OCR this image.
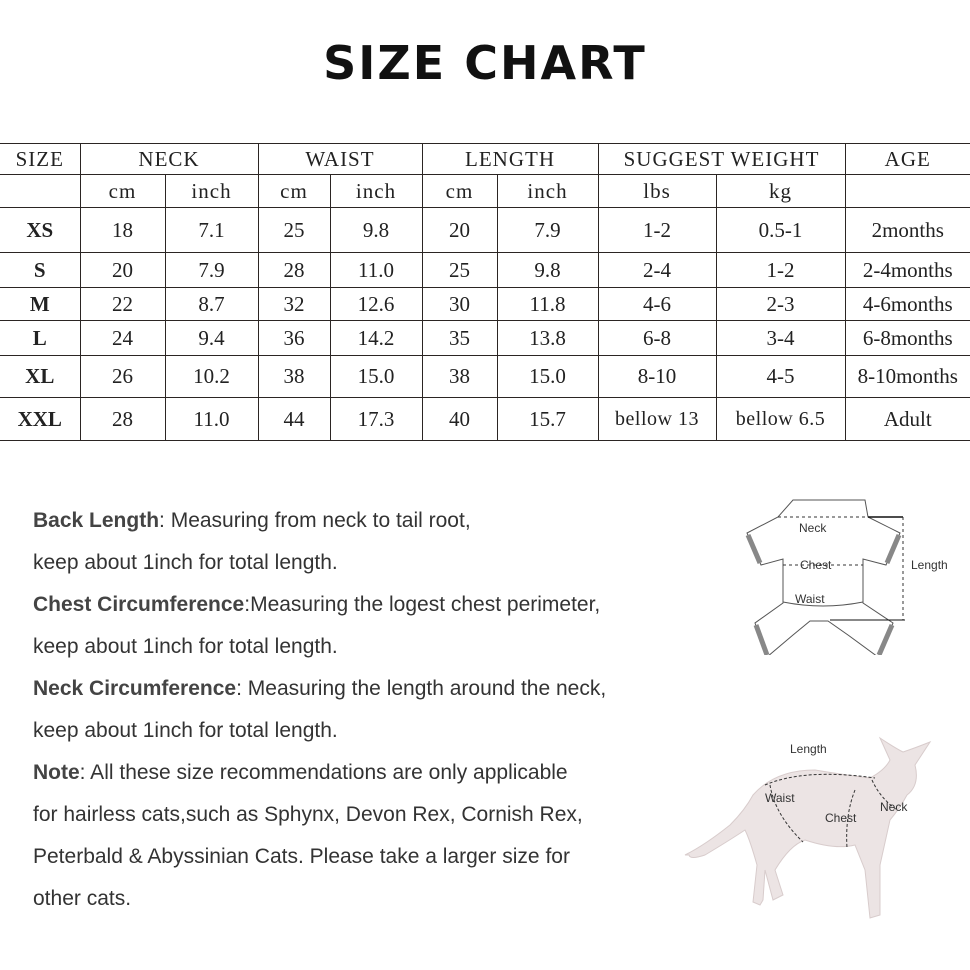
SIZE CHART
SIZE	NECK		WAIST		LENGTH		SUGGEST WEIGHT		AGE
	cm	inch	cm	inch	cm	inch	lbs	kg	
XS	18	7.1	25	9.8	20	7.9	1-2	0.5-1	2months
S	20	7.9	28	11.0	25	9.8	2-4	1-2	2-4months
M	22	8.7	32	12.6	30	11.8	4-6	2-3	4-6months
L	24	9.4	36	14.2	35	13.8	6-8	3-4	6-8months
XL	26	10.2	38	15.0	38	15.0	8-10	4-5	8-10months
XXL	28	11.0	44	17.3	40	15.7	bellow 13	bellow 6.5	Adult
Back Length: Measuring from neck to tail root,
keep about 1inch for total length.
Chest Circumference:Measuring the logest chest perimeter,
keep about 1inch for total length.
Neck Circumference: Measuring the length around the neck,
keep about 1inch for total length.
Note: All these size recommendations are only applicable
for hairless cats,such as Sphynx, Devon Rex, Cornish Rex,
Peterbald & Abyssinian Cats. Please take a larger size for
other cats.
Neck
Chest
Waist
Length
Length
Waist
Chest
Neck
